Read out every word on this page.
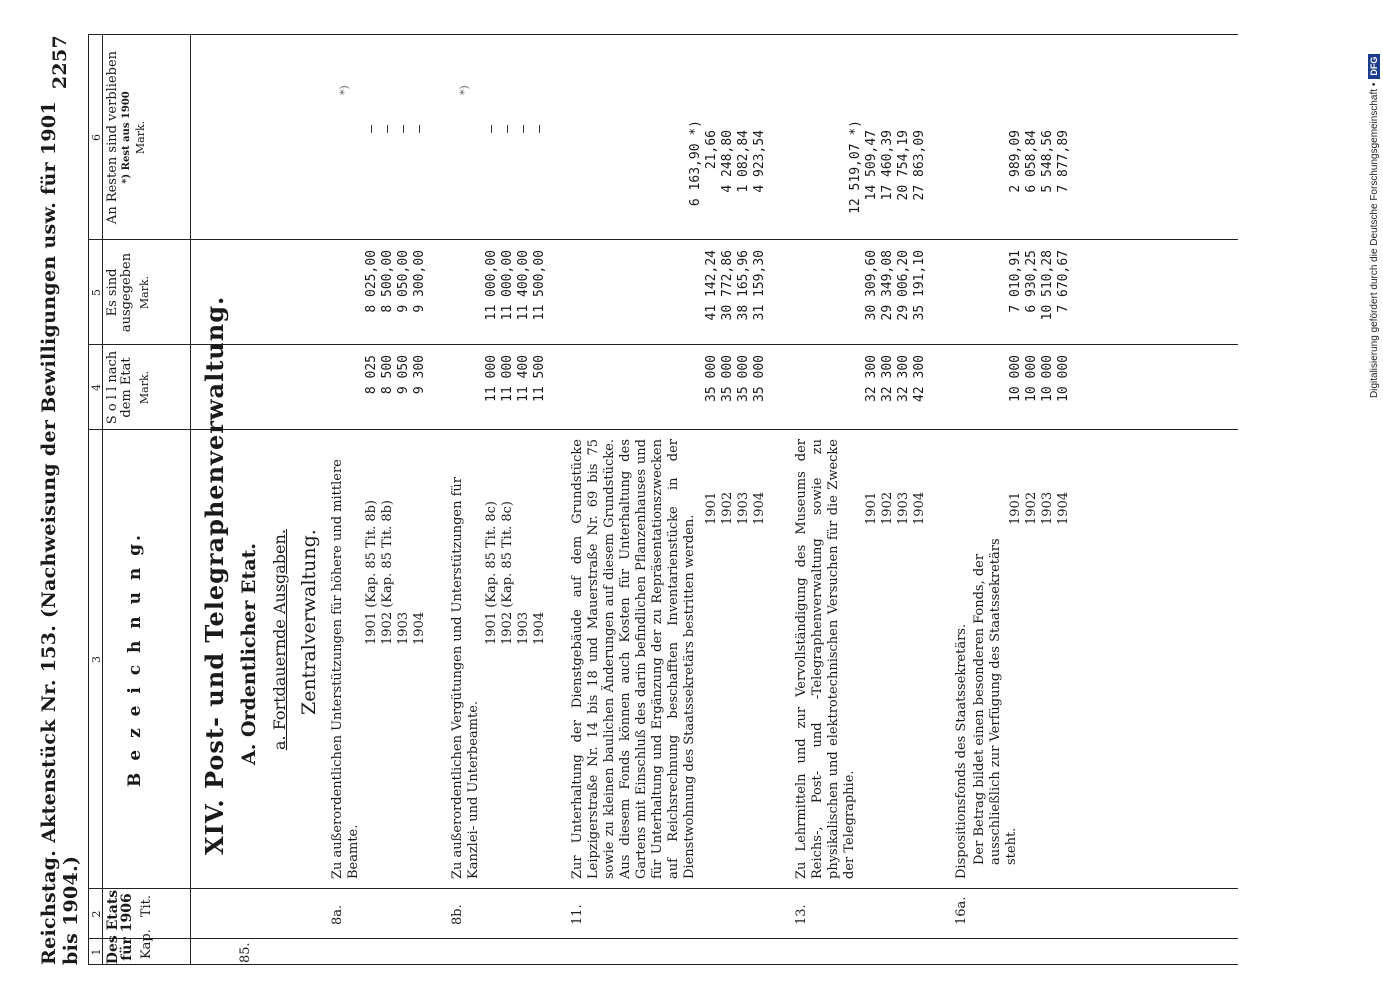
Reichstag. Aktenstück Nr. 153. (Nachweisung der Bewilligungen usw. für 1901 bis 1904.)
2257
1
2
3
4
5
6
Des Etats für 1906 Kap.
Tit.
B e z e i c h n u n g.
S o l l nach dem Etat Mark.
Es sind ausgegeben Mark.
An Resten sind verblieben *) Rest aus 1900 Mark.
85.
XIV. Post- und Telegraphenverwaltung. A. Ordentlicher Etat. a. Fortdauernde Ausgaben. Zentralverwaltung.
8a.
Zu außerordentlichen Unterstützungen für höhere und mittlere Beamte.
1901 (Kap. 85 Tit. 8b) 1902 (Kap. 85 Tit. 8b) 1903 1904
8 025 8 500 9 050 9 300
8 025,00 8 500,00 9 050,00 9 300,00
— — — —
*)
8b.
Zu außerordentlichen Vergütungen und Unterstützungen für Kanzlei- und Unterbeamte.
1901 (Kap. 85 Tit. 8c) 1902 (Kap. 85 Tit. 8c) 1903 1904
11 000 11 000 11 400 11 500
11 000,00 11 000,00 11 400,00 11 500,00
— — — —
*)
11.
Zur Unterhaltung der Dienstgebäude auf dem Grundstücke Leipzigerstraße Nr. 14 bis 18 und Mauerstraße Nr. 69 bis 75 sowie zu kleinen baulichen Änderungen auf diesem Grundstücke. Aus diesem Fonds können auch Kosten für Unterhaltung des Gartens mit Einschluß des darin befindlichen Pflanzenhauses und für Unterhaltung und Ergänzung der zu Repräsentationszwecken auf Reichsrechnung beschafften Inventarienstücke in der Dienstwohnung des Staatssekretärs bestritten werden.
1901 1902 1903 1904
35 000 35 000 35 000 35 000
41 142,24 30 772,86 38 165,96 31 159,30
6 163,90 *) 21,66 4 248,80 1 082,84 4 923,54
13.
Zu Lehrmitteln und zur Vervollständigung des Museums der Reichs-, Post- und -Telegraphenverwaltung sowie zu physikalischen und elektrotechnischen Versuchen für die Zwecke der Telegraphie.
1901 1902 1903 1904
32 300 32 300 32 300 42 300
30 309,60 29 349,08 29 006,20 35 191,10
12 519,07 *) 14 509,47 17 460,39 20 754,19 27 863,09
16a.
Dispositionsfonds des Staatssekretärs. Der Betrag bildet einen besonderen Fonds, der ausschließlich zur Verfügung des Staatssekretärs steht.
1901 1902 1903 1904
10 000 10 000 10 000 10 000
7 010,91 6 930,25 10 510,28 7 670,67
2 989,09 6 058,84 5 548,56 7 877,89	Digitalisierung gefördert durch die Deutsche Forschungsgemeinschaft •
DFG
